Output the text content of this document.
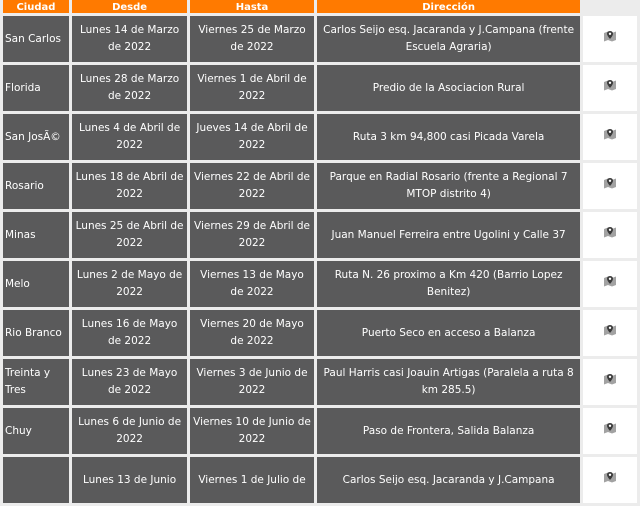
Ciudad	Desde	Hasta	Dirección	
San Carlos	Lunes 14 de Marzo de 2022	Viernes 25 de Marzo de 2022	Carlos Seijo esq. Jacaranda y J.Campana (frente Escuela Agraria)	

Florida	Lunes 28 de Marzo de 2022	Viernes 1 de Abril de 2022	Predio de la Asociacion Rural	

San JosÃ©	Lunes 4 de Abril de 2022	Jueves 14 de Abril de 2022	Ruta 3 km 94,800 casi Picada Varela	

Rosario	Lunes 18 de Abril de 2022	Viernes 22 de Abril de 2022	Parque en Radial Rosario (frente a Regional 7 MTOP distrito 4)	

Minas	Lunes 25 de Abril de 2022	Viernes 29 de Abril de 2022	Juan Manuel Ferreira entre Ugolini y Calle 37	

Melo	Lunes 2 de Mayo de 2022	Viernes 13 de Mayo de 2022	Ruta N. 26 proximo a Km 420 (Barrio Lopez Benitez)	

Rio Branco	Lunes 16 de Mayo de 2022	Viernes 20 de Mayo de 2022	Puerto Seco en acceso a Balanza	

Treinta y Tres	Lunes 23 de Mayo de 2022	Viernes 3 de Junio de 2022	Paul Harris casi Joauin Artigas (Paralela a ruta 8 km 285.5)	

Chuy	Lunes 6 de Junio de 2022	Viernes 10 de Junio de 2022	Paso de Frontera, Salida Balanza	

	Lunes 13 de Junio	Viernes 1 de Julio de	Carlos Seijo esq. Jacaranda y J.Campana	
